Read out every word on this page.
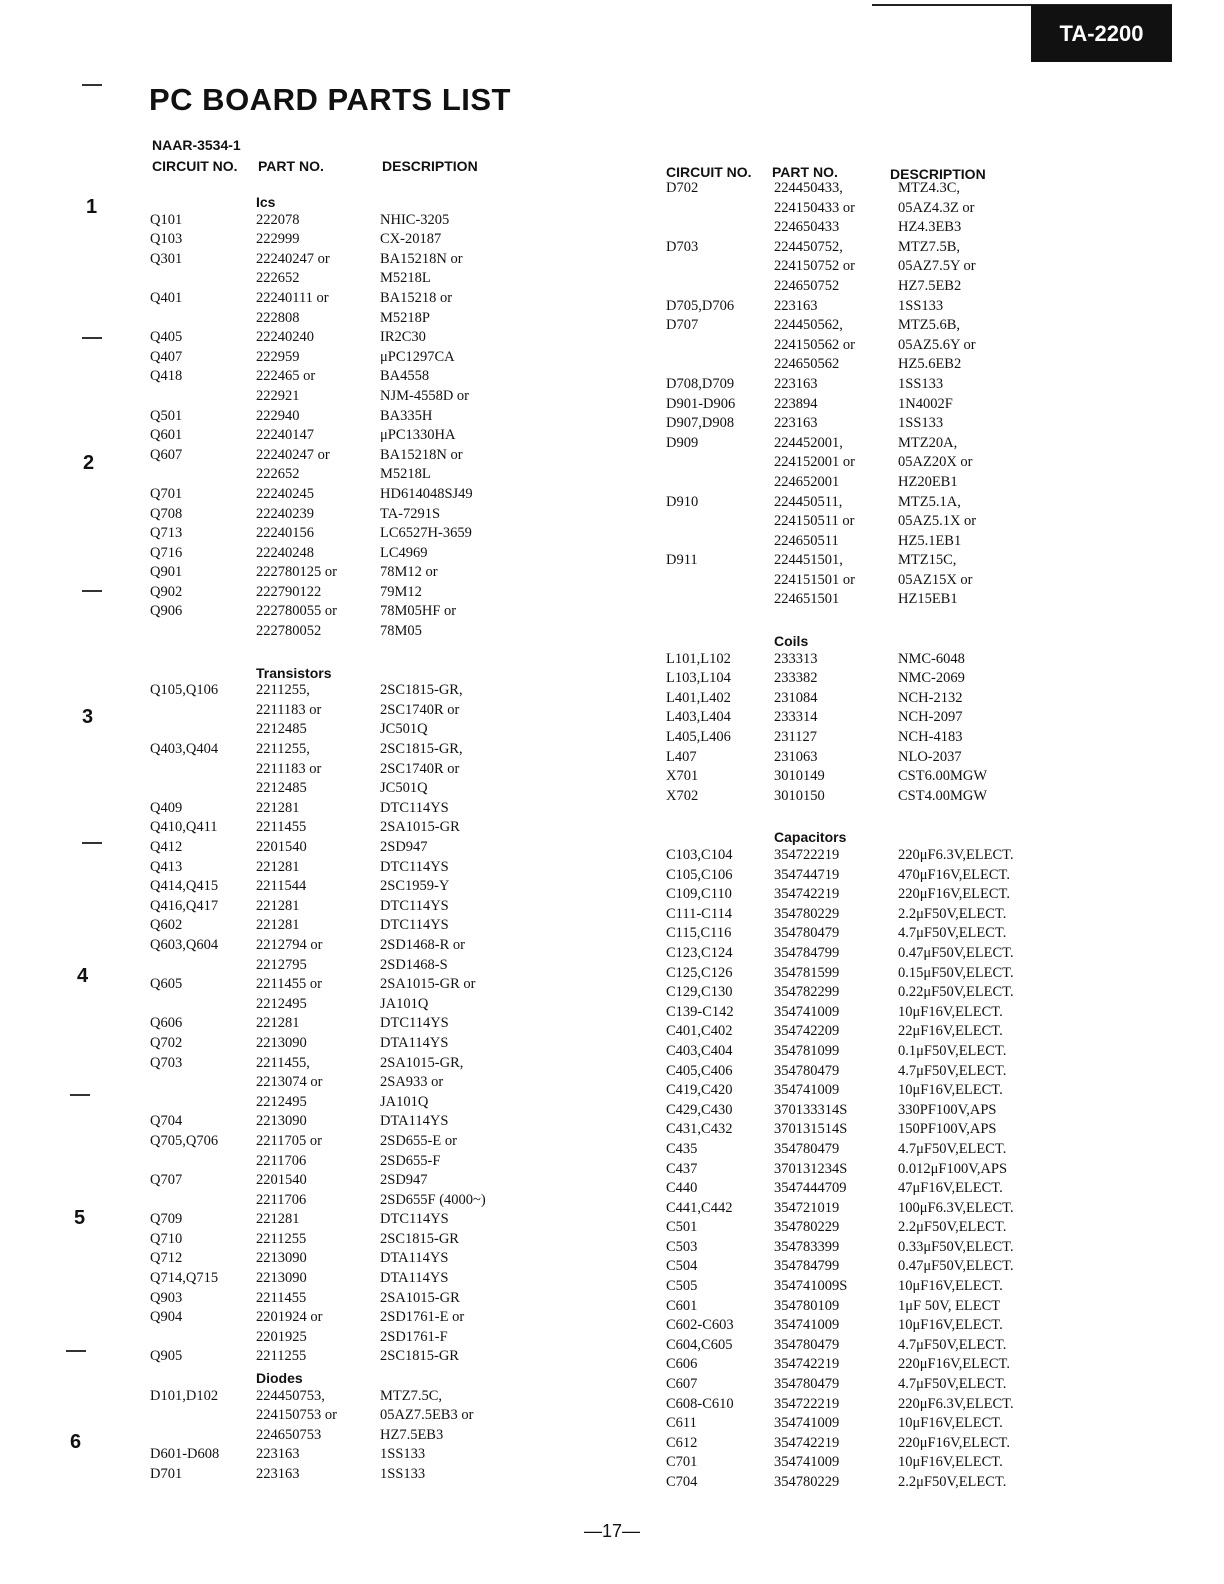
TA-2200
PC BOARD PARTS LIST
NAAR-3534-1
1
2
3
4
5
6
CIRCUIT NO. PART NO.	DESCRIPTION
Ics
Q101	222078	NHIC-3205
Q103	222999	CX-20187
Q301	22240247 or	BA15218N or
222652	M5218L
Q401	22240111 or	BA15218 or
222808	M5218P
Q405	22240240	IR2C30
Q407	222959	μPC1297CA
Q418	222465 or	BA4558
222921	NJM-4558D or
Q501	222940	BA335H
Q601	22240147	μPC1330HA
Q607	22240247 or	BA15218N or
222652	M5218L
Q701	22240245	HD614048SJ49
Q708	22240239	TA-7291S
Q713	22240156	LC6527H-3659
Q716	22240248	LC4969
Q901	222780125 or	78M12 or
Q902	222790122	79M12
Q906	222780055 or	78M05HF or
222780052	78M05
Transistors
Q105,Q106	2211255,	2SC1815-GR,
2211183 or	2SC1740R or
2212485	JC501Q
Q403,Q404	2211255,	2SC1815-GR,
2211183 or	2SC1740R or
2212485	JC501Q
Q409	221281	DTC114YS
Q410,Q411	2211455	2SA1015-GR
Q412	2201540	2SD947
Q413	221281	DTC114YS
Q414,Q415	2211544	2SC1959-Y
Q416,Q417	221281	DTC114YS
Q602	221281	DTC114YS
Q603,Q604	2212794 or	2SD1468-R or
2212795	2SD1468-S
Q605	2211455 or	2SA1015-GR or
2212495	JA101Q
Q606	221281	DTC114YS
Q702	2213090	DTA114YS
Q703	2211455,	2SA1015-GR,
2213074 or	2SA933 or
2212495	JA101Q
Q704	2213090	DTA114YS
Q705,Q706	2211705 or	2SD655-E or
2211706	2SD655-F
Q707	2201540	2SD947
2211706	2SD655F (4000~)
Q709	221281	DTC114YS
Q710	2211255	2SC1815-GR
Q712	2213090	DTA114YS
Q714,Q715	2213090	DTA114YS
Q903	2211455	2SA1015-GR
Q904	2201924 or	2SD1761-E or
2201925	2SD1761-F
Q905	2211255	2SC1815-GR
Diodes
D101,D102	224450753,	MTZ7.5C,
224150753 or	05AZ7.5EB3 or
224650753	HZ7.5EB3
D601-D608	223163	1SS133
D701	223163	1SS133
CIRCUIT NO. PART NO.	DESCRIPTION
D702	224450433,	MTZ4.3C,
224150433 or	05AZ4.3Z or
224650433	HZ4.3EB3
D703	224450752,	MTZ7.5B,
224150752 or	05AZ7.5Y or
224650752	HZ7.5EB2
D705,D706	223163	1SS133
D707	224450562,	MTZ5.6B,
224150562 or	05AZ5.6Y or
224650562	HZ5.6EB2
D708,D709	223163	1SS133
D901-D906	223894	1N4002F
D907,D908	223163	1SS133
D909	224452001,	MTZ20A,
224152001 or	05AZ20X or
224652001	HZ20EB1
D910	224450511,	MTZ5.1A,
224150511 or	05AZ5.1X or
224650511	HZ5.1EB1
D911	224451501,	MTZ15C,
224151501 or	05AZ15X or
224651501	HZ15EB1
Coils
L101,L102	233313	NMC-6048
L103,L104	233382	NMC-2069
L401,L402	231084	NCH-2132
L403,L404	233314	NCH-2097
L405,L406	231127	NCH-4183
L407	231063	NLO-2037
X701	3010149	CST6.00MGW
X702	3010150	CST4.00MGW
Capacitors
C103,C104	354722219	220μF6.3V,ELECT.
C105,C106	354744719	470μF16V,ELECT.
C109,C110	354742219	220μF16V,ELECT.
C111-C114	354780229	2.2μF50V,ELECT.
C115,C116	354780479	4.7μF50V,ELECT.
C123,C124	354784799	0.47μF50V,ELECT.
C125,C126	354781599	0.15μF50V,ELECT.
C129,C130	354782299	0.22μF50V,ELECT.
C139-C142	354741009	10μF16V,ELECT.
C401,C402	354742209	22μF16V,ELECT.
C403,C404	354781099	0.1μF50V,ELECT.
C405,C406	354780479	4.7μF50V,ELECT.
C419,C420	354741009	10μF16V,ELECT.
C429,C430	370133314S	330PF100V,APS
C431,C432	370131514S	150PF100V,APS
C435	354780479	4.7μF50V,ELECT.
C437	370131234S	0.012μF100V,APS
C440	3547444709	47μF16V,ELECT.
C441,C442	354721019	100μF6.3V,ELECT.
C501	354780229	2.2μF50V,ELECT.
C503	354783399	0.33μF50V,ELECT.
C504	354784799	0.47μF50V,ELECT.
C505	354741009S	10μF16V,ELECT.
C601	354780109	1μF 50V, ELECT
C602-C603	354741009	10μF16V,ELECT.
C604,C605	354780479	4.7μF50V,ELECT.
C606	354742219	220μF16V,ELECT.
C607	354780479	4.7μF50V,ELECT.
C608-C610	354722219	220μF6.3V,ELECT.
C611	354741009	10μF16V,ELECT.
C612	354742219	220μF16V,ELECT.
C701	354741009	10μF16V,ELECT.
C704	354780229	2.2μF50V,ELECT.
—17—
